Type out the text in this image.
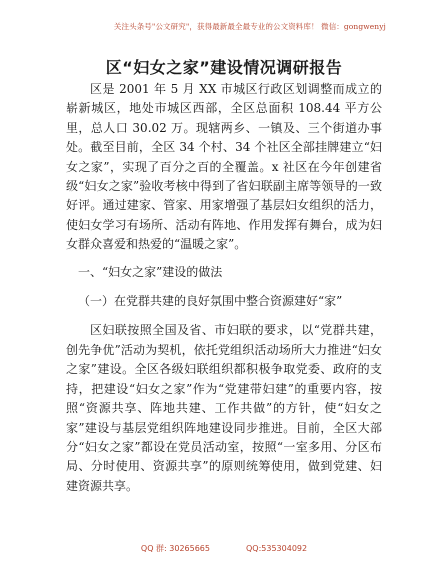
关注头条号"公文研究"，获得最新最全最专业的公文资料库！ 微信：gongwenyj
区“妇女之家”建设情况调研报告

区是 2001 年 5 月 XX 市城区行政区划调整而成立的崭新城区，地处市城区西部，全区总面积 108.44 平方公里，总人口 30.02 万。现辖两乡、一镇及、三个街道办事处。截至目前，全区 34 个村、34 个社区全部挂牌建立“妇女之家”，实现了百分之百的全覆盖。x 社区在今年创建省级“妇女之家”验收考核中得到了省妇联副主席等领导的一致好评。通过建家、管家、用家增强了基层妇女组织的活力，使妇女学习有场所、活动有阵地、作用发挥有舞台，成为妇女群众喜爱和热爱的“温暖之家”。

一、“妇女之家”建设的做法
（一）在党群共建的良好氛围中整合资源建好“家”

区妇联按照全国及省、市妇联的要求，以“党群共建，创先争优”活动为契机，依托党组织活动场所大力推进“妇女之家”建设。全区各级妇联组织都积极争取党委、政府的支持，把建设“妇女之家”作为“党建带妇建”的重要内容，按照“资源共享、阵地共建、工作共做”的方针，使“妇女之家”建设与基层党组织阵地建设同步推进。目前，全区大部分“妇女之家”都设在党员活动室，按照“一室多用、分区布局、分时使用、资源共享”的原则统筹使用，做到党建、妇建资源共享。

QQ 群: 30265665	QQ:535304092
